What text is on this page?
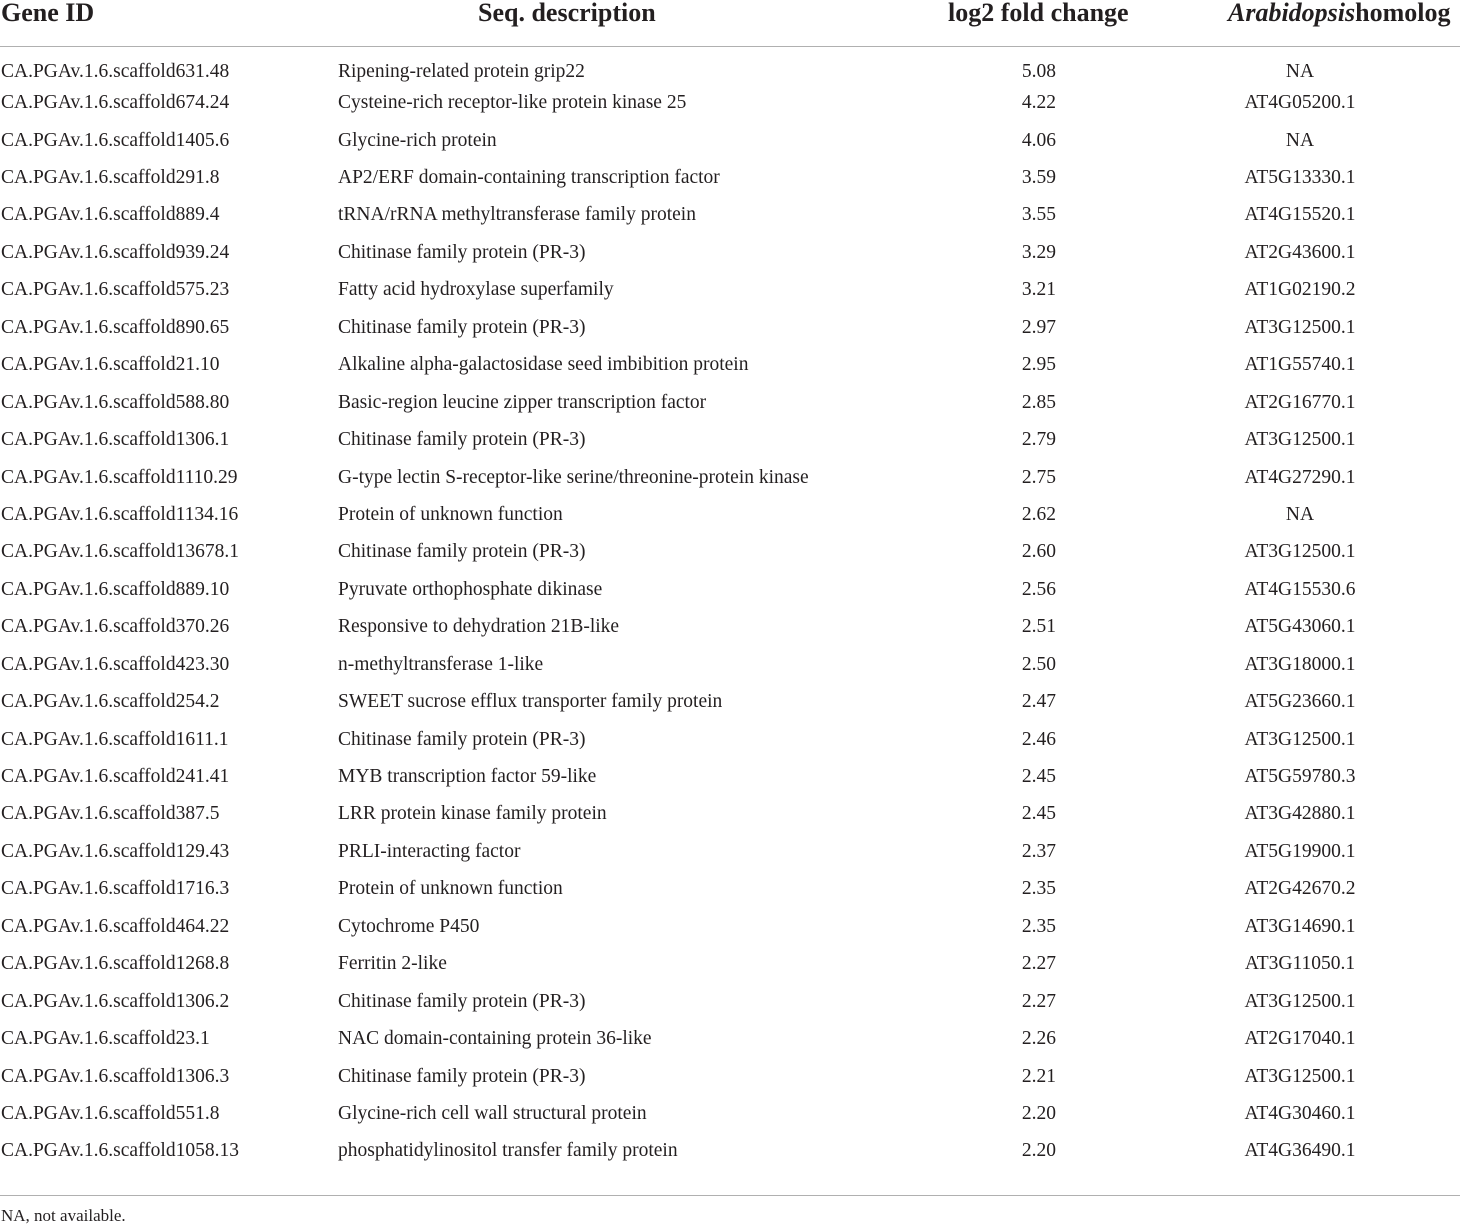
Gene ID	Seq. description	log2 fold change	Arabidopsishomolog
CA.PGAv.1.6.scaffold631.48	Ripening-related protein grip22	5.08	NA
CA.PGAv.1.6.scaffold674.24	Cysteine-rich receptor-like protein kinase 25	4.22	AT4G05200.1
CA.PGAv.1.6.scaffold1405.6	Glycine-rich protein	4.06	NA
CA.PGAv.1.6.scaffold291.8	AP2/ERF domain-containing transcription factor	3.59	AT5G13330.1
CA.PGAv.1.6.scaffold889.4	tRNA/rRNA methyltransferase family protein	3.55	AT4G15520.1
CA.PGAv.1.6.scaffold939.24	Chitinase family protein (PR-3)	3.29	AT2G43600.1
CA.PGAv.1.6.scaffold575.23	Fatty acid hydroxylase superfamily	3.21	AT1G02190.2
CA.PGAv.1.6.scaffold890.65	Chitinase family protein (PR-3)	2.97	AT3G12500.1
CA.PGAv.1.6.scaffold21.10	Alkaline alpha-galactosidase seed imbibition protein	2.95	AT1G55740.1
CA.PGAv.1.6.scaffold588.80	Basic-region leucine zipper transcription factor	2.85	AT2G16770.1
CA.PGAv.1.6.scaffold1306.1	Chitinase family protein (PR-3)	2.79	AT3G12500.1
CA.PGAv.1.6.scaffold1110.29	G-type lectin S-receptor-like serine/threonine-protein kinase	2.75	AT4G27290.1
CA.PGAv.1.6.scaffold1134.16	Protein of unknown function	2.62	NA
CA.PGAv.1.6.scaffold13678.1	Chitinase family protein (PR-3)	2.60	AT3G12500.1
CA.PGAv.1.6.scaffold889.10	Pyruvate orthophosphate dikinase	2.56	AT4G15530.6
CA.PGAv.1.6.scaffold370.26	Responsive to dehydration 21B-like	2.51	AT5G43060.1
CA.PGAv.1.6.scaffold423.30	n-methyltransferase 1-like	2.50	AT3G18000.1
CA.PGAv.1.6.scaffold254.2	SWEET sucrose efflux transporter family protein	2.47	AT5G23660.1
CA.PGAv.1.6.scaffold1611.1	Chitinase family protein (PR-3)	2.46	AT3G12500.1
CA.PGAv.1.6.scaffold241.41	MYB transcription factor 59-like	2.45	AT5G59780.3
CA.PGAv.1.6.scaffold387.5	LRR protein kinase family protein	2.45	AT3G42880.1
CA.PGAv.1.6.scaffold129.43	PRLI-interacting factor	2.37	AT5G19900.1
CA.PGAv.1.6.scaffold1716.3	Protein of unknown function	2.35	AT2G42670.2
CA.PGAv.1.6.scaffold464.22	Cytochrome P450	2.35	AT3G14690.1
CA.PGAv.1.6.scaffold1268.8	Ferritin 2-like	2.27	AT3G11050.1
CA.PGAv.1.6.scaffold1306.2	Chitinase family protein (PR-3)	2.27	AT3G12500.1
CA.PGAv.1.6.scaffold23.1	NAC domain-containing protein 36-like	2.26	AT2G17040.1
CA.PGAv.1.6.scaffold1306.3	Chitinase family protein (PR-3)	2.21	AT3G12500.1
CA.PGAv.1.6.scaffold551.8	Glycine-rich cell wall structural protein	2.20	AT4G30460.1
CA.PGAv.1.6.scaffold1058.13	phosphatidylinositol transfer family protein	2.20	AT4G36490.1
NA, not available.
